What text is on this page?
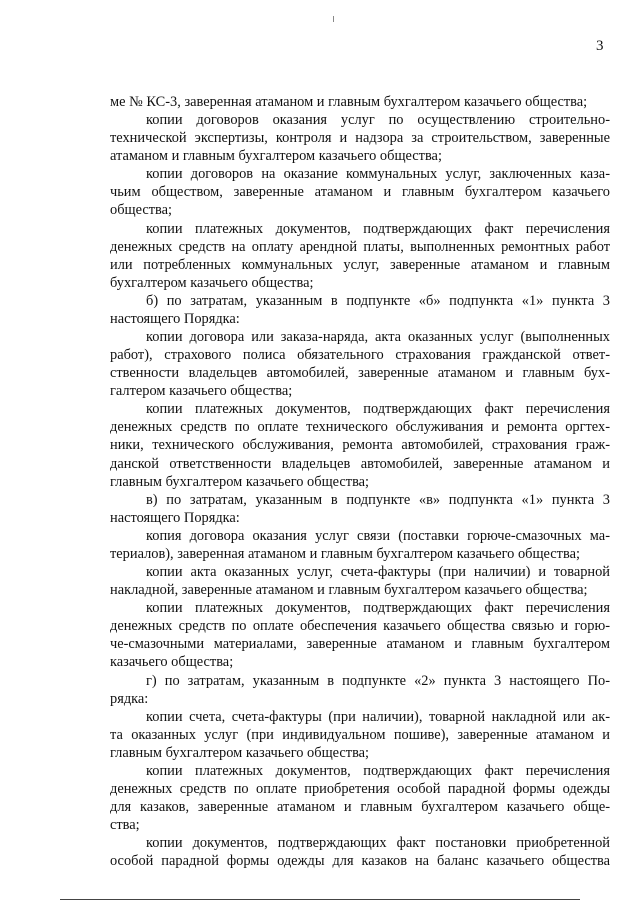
3
ме № КС-3, заверенная атаманом и главным бухгалтером казачьего общества;
копии договоров оказания услуг по осуществлению строительно-
технической экспертизы, контроля и надзора за строительством, заверенные
атаманом и главным бухгалтером казачьего общества;
копии договоров на оказание коммунальных услуг, заключенных каза-
чьим обществом, заверенные атаманом и главным бухгалтером казачьего
общества;
копии платежных документов, подтверждающих факт перечисления
денежных средств на оплату арендной платы, выполненных ремонтных работ
или потребленных коммунальных услуг, заверенные атаманом и главным
бухгалтером казачьего общества;
б) по затратам, указанным в подпункте «б» подпункта «1» пункта 3
настоящего Порядка:
копии договора или заказа-наряда, акта оказанных услуг (выполненных
работ), страхового полиса обязательного страхования гражданской ответ-
ственности владельцев автомобилей, заверенные атаманом и главным бух-
галтером казачьего общества;
копии платежных документов, подтверждающих факт перечисления
денежных средств по оплате технического обслуживания и ремонта оргтех-
ники, технического обслуживания, ремонта автомобилей, страхования граж-
данской ответственности владельцев автомобилей, заверенные атаманом и
главным бухгалтером казачьего общества;
в) по затратам, указанным в подпункте «в» подпункта «1» пункта 3
настоящего Порядка:
копия договора оказания услуг связи (поставки горюче-смазочных ма-
териалов), заверенная атаманом и главным бухгалтером казачьего общества;
копии акта оказанных услуг, счета-фактуры (при наличии) и товарной
накладной, заверенные атаманом и главным бухгалтером казачьего общества;
копии платежных документов, подтверждающих факт перечисления
денежных средств по оплате обеспечения казачьего общества связью и горю-
че-смазочными материалами, заверенные атаманом и главным бухгалтером
казачьего общества;
г) по затратам, указанным в подпункте «2» пункта 3 настоящего По-
рядка:
копии счета, счета-фактуры (при наличии), товарной накладной или ак-
та оказанных услуг (при индивидуальном пошиве), заверенные атаманом и
главным бухгалтером казачьего общества;
копии платежных документов, подтверждающих факт перечисления
денежных средств по оплате приобретения особой парадной формы одежды
для казаков, заверенные атаманом и главным бухгалтером казачьего обще-
ства;
копии документов, подтверждающих факт постановки приобретенной
особой парадной формы одежды для казаков на баланс казачьего общества
